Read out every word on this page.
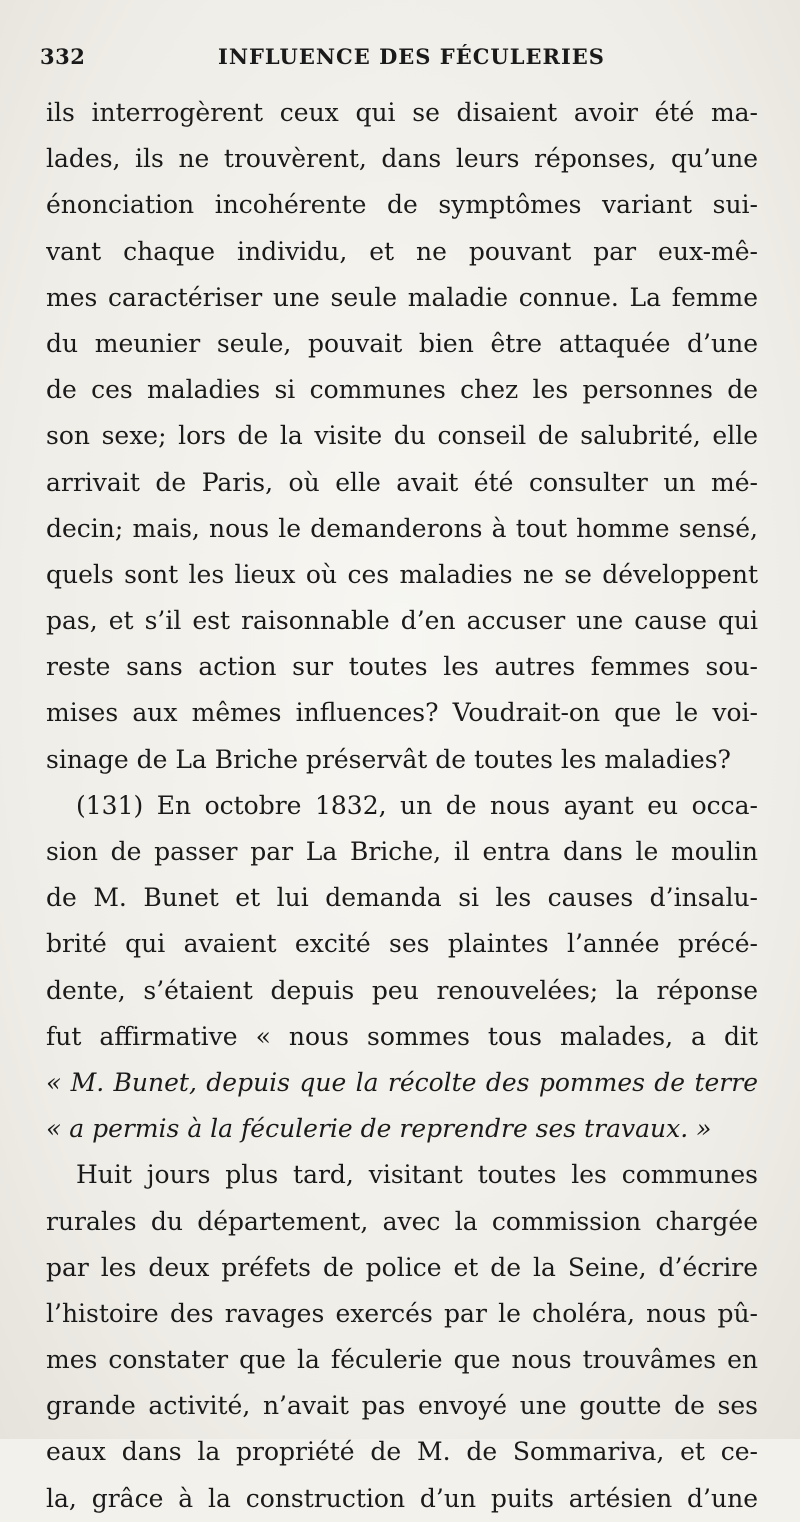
332	INFLUENCE DES FÉCULERIES
ils interrogèrent ceux qui se disaient avoir été ma-
lades, ils ne trouvèrent, dans leurs réponses, qu’une
énonciation incohérente de symptômes variant sui-
vant chaque individu, et ne pouvant par eux-mê-
mes caractériser une seule maladie connue. La femme
du meunier seule, pouvait bien être attaquée d’une
de ces maladies si communes chez les personnes de
son sexe; lors de la visite du conseil de salubrité, elle
arrivait de Paris, où elle avait été consulter un mé-
decin; mais, nous le demanderons à tout homme sensé,
quels sont les lieux où ces maladies ne se développent
pas, et s’il est raisonnable d’en accuser une cause qui
reste sans action sur toutes les autres femmes sou-
mises aux mêmes influences? Voudrait-on que le voi-
sinage de La Briche préservât de toutes les maladies?
(131) En octobre 1832, un de nous ayant eu occa-
sion de passer par La Briche, il entra dans le moulin
de M. Bunet et lui demanda si les causes d’insalu-
brité qui avaient excité ses plaintes l’année précé-
dente, s’étaient depuis peu renouvelées; la réponse
fut affirmative « nous sommes tous malades, a dit
« M. Bunet, depuis que la récolte des pommes de terre
« a permis à la féculerie de reprendre ses travaux. »
Huit jours plus tard, visitant toutes les communes
rurales du département, avec la commission chargée
par les deux préfets de police et de la Seine, d’écrire
l’histoire des ravages exercés par le choléra, nous pû-
mes constater que la féculerie que nous trouvâmes en
grande activité, n’avait pas envoyé une goutte de ses
eaux dans la propriété de M. de Sommariva, et ce-
la, grâce à la construction d’un puits artésien d’une
